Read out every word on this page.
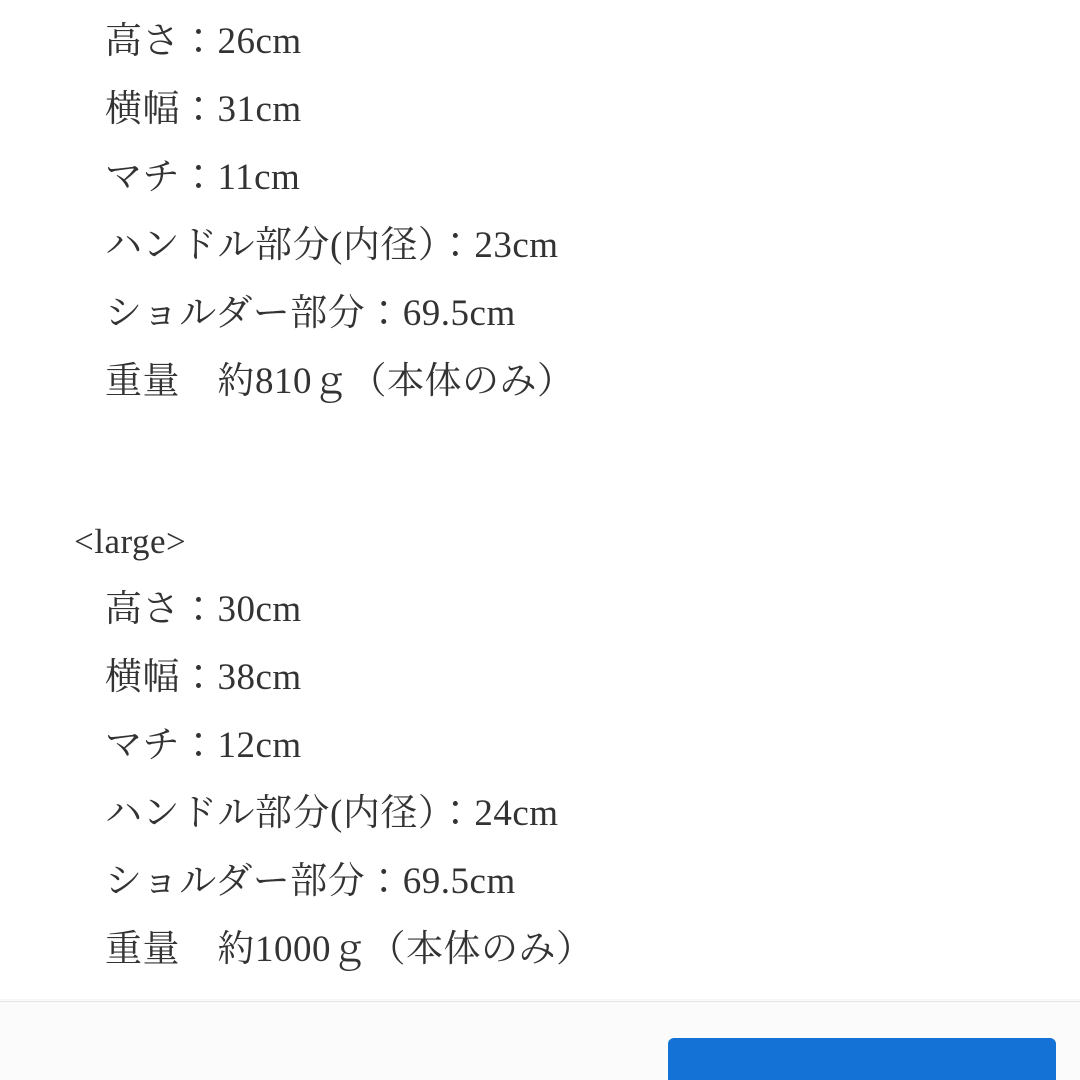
高さ：26cm
横幅：31cm
マチ：11cm
ハンドル部分(内径）：23cm
ショルダー部分：69.5cm
重量　約810ｇ（本体のみ）
<large>
高さ：30cm
横幅：38cm
マチ：12cm
ハンドル部分(内径）：24cm
ショルダー部分：69.5cm
重量　約1000ｇ（本体のみ）
